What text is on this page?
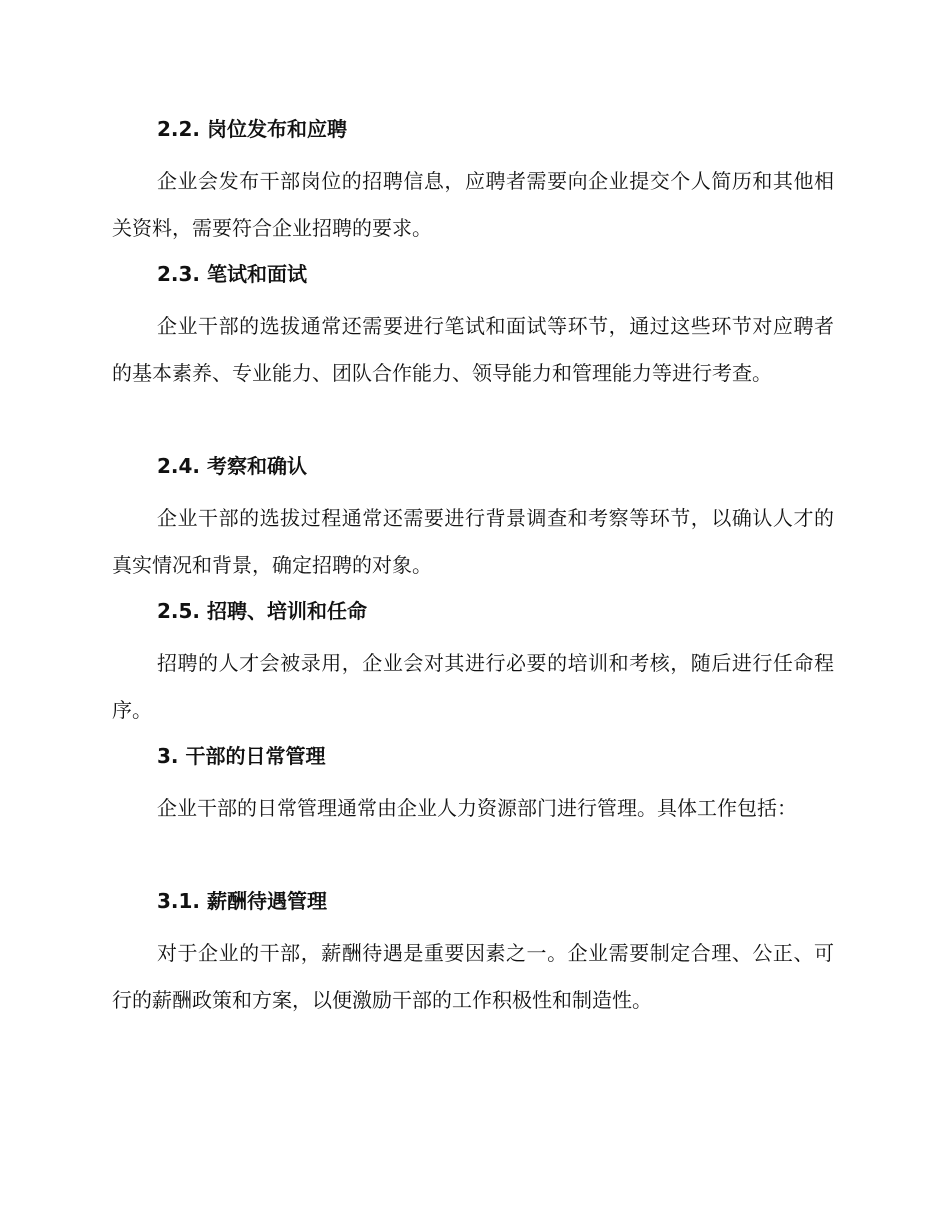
2.2. 岗位发布和应聘

企业会发布干部岗位的招聘信息，应聘者需要向企业提交个人简历和其他相关资料，需要符合企业招聘的要求。

2.3. 笔试和面试

企业干部的选拔通常还需要进行笔试和面试等环节，通过这些环节对应聘者的基本素养、专业能力、团队合作能力、领导能力和管理能力等进行考查。

2.4. 考察和确认

企业干部的选拔过程通常还需要进行背景调查和考察等环节，以确认人才的真实情况和背景，确定招聘的对象。

2.5. 招聘、培训和任命

招聘的人才会被录用，企业会对其进行必要的培训和考核，随后进行任命程序。

3. 干部的日常管理

企业干部的日常管理通常由企业人力资源部门进行管理。具体工作包括：

3.1. 薪酬待遇管理

对于企业的干部，薪酬待遇是重要因素之一。企业需要制定合理、公正、可行的薪酬政策和方案，以便激励干部的工作积极性和制造性。
